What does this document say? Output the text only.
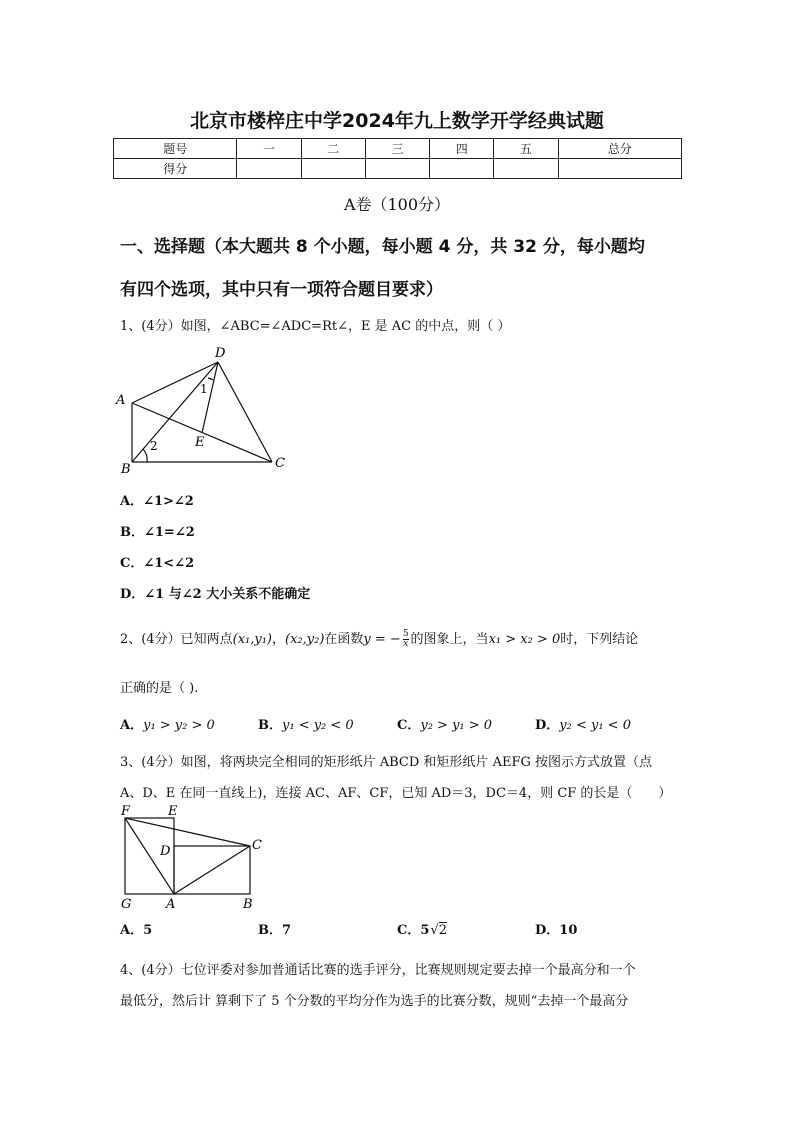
北京市楼梓庄中学2024年九上数学开学经典试题
题号	一	二	三	四	五	总分
得分						
A卷（100分）
一、选择题（本大题共 8 个小题，每小题 4 分，共 32 分，每小题均
有四个选项，其中只有一项符合题目要求）
1、(4分）如图，∠ABC=∠ADC=Rt∠，E 是 AC 的中点，则（ ）
A
B	C
D
E
1
2
A．∠1>∠2
B．∠1=∠2
C．∠1<∠2
D．∠1 与∠2 大小关系不能确定
2、(4分）已知两点(x₁,y₁)，(x₂,y₂)在函数y = − $\frac{5}{x}$ 的图象上，当x₁ > x₂ > 0时，下列结论
正确的是（ ).
A．y₁ > y₂ > 0	B．y₁ < y₂ < 0	C．y₂ > y₁ > 0	D．y₂ < y₁ < 0
3、(4分）如图，将两块完全相同的矩形纸片 ABCD 和矩形纸片 AEFG 按图示方式放置（点
A、D、E 在同一直线上)，连接 AC、AF、CF，已知 AD＝3，DC＝4，则 CF 的长是（　　）
F	E
D	C
G	A	B
A．5	B．7	C．5√2	D．10
4、(4分）七位评委对参加普通话比赛的选手评分，比赛规则规定要去掉一个最高分和一个
最低分，然后计 算剩下了 5 个分数的平均分作为选手的比赛分数，规则“去掉一个最高分
